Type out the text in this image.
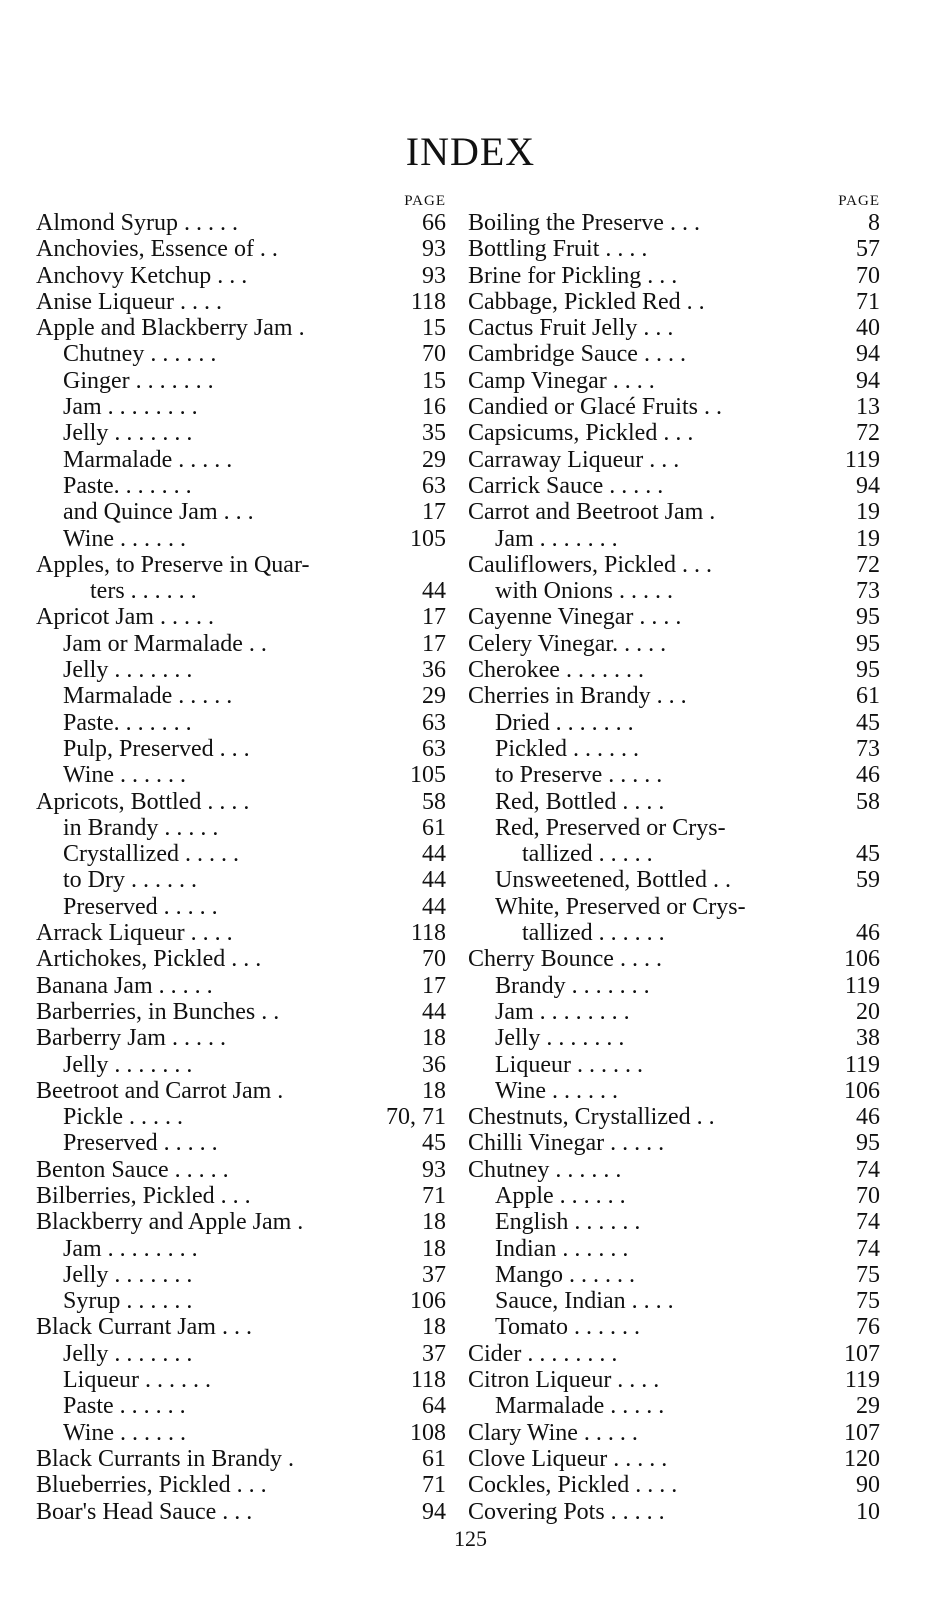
INDEX
PAGE
Almond Syrup . . . . .	66
Anchovies, Essence of . .	93
Anchovy Ketchup . . .	93
Anise Liqueur . . . .	118
Apple and Blackberry Jam .	15
Chutney . . . . . .	70
Ginger . . . . . . .	15
Jam . . . . . . . .	16
Jelly . . . . . . .	35
Marmalade . . . . .	29
Paste. . . . . . .	63
and Quince Jam . . .	17
Wine . . . . . .	105
Apples, to Preserve in Quar-
ters . . . . . .	44
Apricot Jam . . . . .	17
Jam or Marmalade . .	17
Jelly . . . . . . .	36
Marmalade . . . . .	29
Paste. . . . . . .	63
Pulp, Preserved . . .	63
Wine . . . . . .	105
Apricots, Bottled . . . .	58
in Brandy . . . . .	61
Crystallized . . . . .	44
to Dry . . . . . .	44
Preserved . . . . .	44
Arrack Liqueur . . . .	118
Artichokes, Pickled . . .	70
Banana Jam . . . . .	17
Barberries, in Bunches . .	44
Barberry Jam . . . . .	18
Jelly . . . . . . .	36
Beetroot and Carrot Jam .	18
Pickle . . . . .	70, 71
Preserved . . . . .	45
Benton Sauce . . . . .	93
Bilberries, Pickled . . .	71
Blackberry and Apple Jam .	18
Jam . . . . . . . .	18
Jelly . . . . . . .	37
Syrup . . . . . .	106
Black Currant Jam . . .	18
Jelly . . . . . . .	37
Liqueur . . . . . .	118
Paste . . . . . .	64
Wine . . . . . .	108
Black Currants in Brandy .	61
Blueberries, Pickled . . .	71
Boar's Head Sauce . . .	94
PAGE
Boiling the Preserve . . .	8
Bottling Fruit . . . .	57
Brine for Pickling . . .	70
Cabbage, Pickled Red . .	71
Cactus Fruit Jelly . . .	40
Cambridge Sauce . . . .	94
Camp Vinegar . . . .	94
Candied or Glacé Fruits . .	13
Capsicums, Pickled . . .	72
Carraway Liqueur . . .	119
Carrick Sauce . . . . .	94
Carrot and Beetroot Jam .	19
Jam . . . . . . .	19
Cauliflowers, Pickled . . .	72
with Onions . . . . .	73
Cayenne Vinegar . . . .	95
Celery Vinegar. . . . .	95
Cherokee . . . . . . .	95
Cherries in Brandy . . .	61
Dried . . . . . . .	45
Pickled . . . . . .	73
to Preserve . . . . .	46
Red, Bottled . . . .	58
Red, Preserved or Crys-
tallized . . . . .	45
Unsweetened, Bottled . .	59
White, Preserved or Crys-
tallized . . . . . .	46
Cherry Bounce . . . .	106
Brandy . . . . . . .	119
Jam . . . . . . . .	20
Jelly . . . . . . .	38
Liqueur . . . . . .	119
Wine . . . . . .	106
Chestnuts, Crystallized . .	46
Chilli Vinegar . . . . .	95
Chutney . . . . . .	74
Apple . . . . . .	70
English . . . . . .	74
Indian . . . . . .	74
Mango . . . . . .	75
Sauce, Indian . . . .	75
Tomato . . . . . .	76
Cider . . . . . . . .	107
Citron Liqueur . . . .	119
Marmalade . . . . .	29
Clary Wine . . . . .	107
Clove Liqueur . . . . .	120
Cockles, Pickled . . . .	90
Covering Pots . . . . .	10
125
